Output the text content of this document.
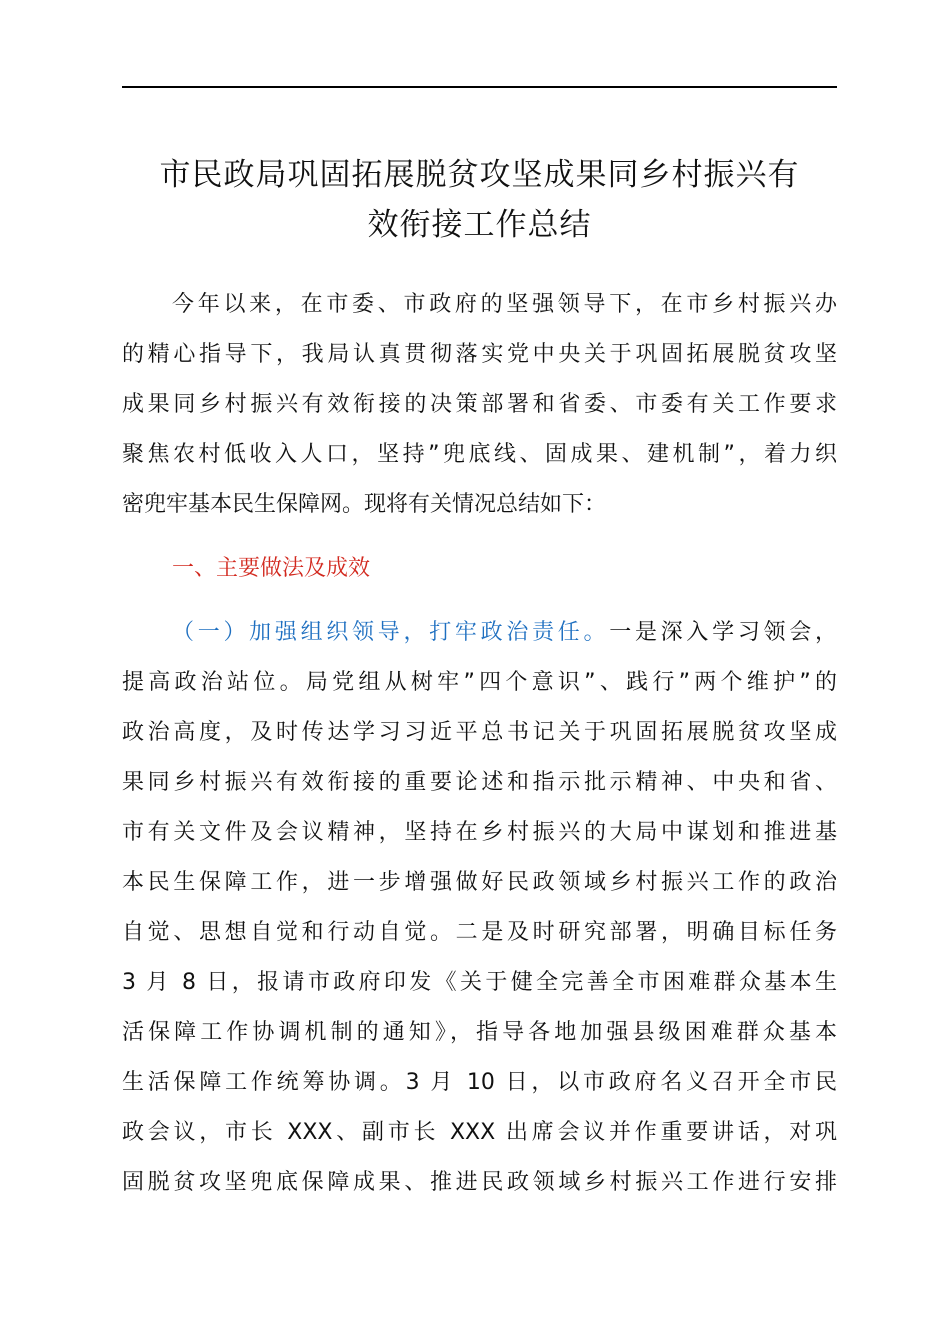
市民政局巩固拓展脱贫攻坚成果同乡村振兴有
效衔接工作总结
今年以来，在市委、市政府的坚强领导下，在市乡村振兴办
的精心指导下，我局认真贯彻落实党中央关于巩固拓展脱贫攻坚
成果同乡村振兴有效衔接的决策部署和省委、市委有关工作要求
聚焦农村低收入人口，坚持”兜底线、固成果、建机制”，着力织
密兜牢基本民生保障网。现将有关情况总结如下：
一、主要做法及成效
（一）加强组织领导，打牢政治责任。一是深入学习领会，
提高政治站位。局党组从树牢”四个意识”、践行”两个维护”的
政治高度，及时传达学习习近平总书记关于巩固拓展脱贫攻坚成
果同乡村振兴有效衔接的重要论述和指示批示精神、中央和省、
市有关文件及会议精神，坚持在乡村振兴的大局中谋划和推进基
本民生保障工作，进一步增强做好民政领域乡村振兴工作的政治
自觉、思想自觉和行动自觉。二是及时研究部署，明确目标任务
3 月 8 日，报请市政府印发《关于健全完善全市困难群众基本生
活保障工作协调机制的通知》，指导各地加强县级困难群众基本
生活保障工作统筹协调。3 月 10 日，以市政府名义召开全市民
政会议，市长 XXX、副市长 XXX 出席会议并作重要讲话，对巩
固脱贫攻坚兜底保障成果、推进民政领域乡村振兴工作进行安排
